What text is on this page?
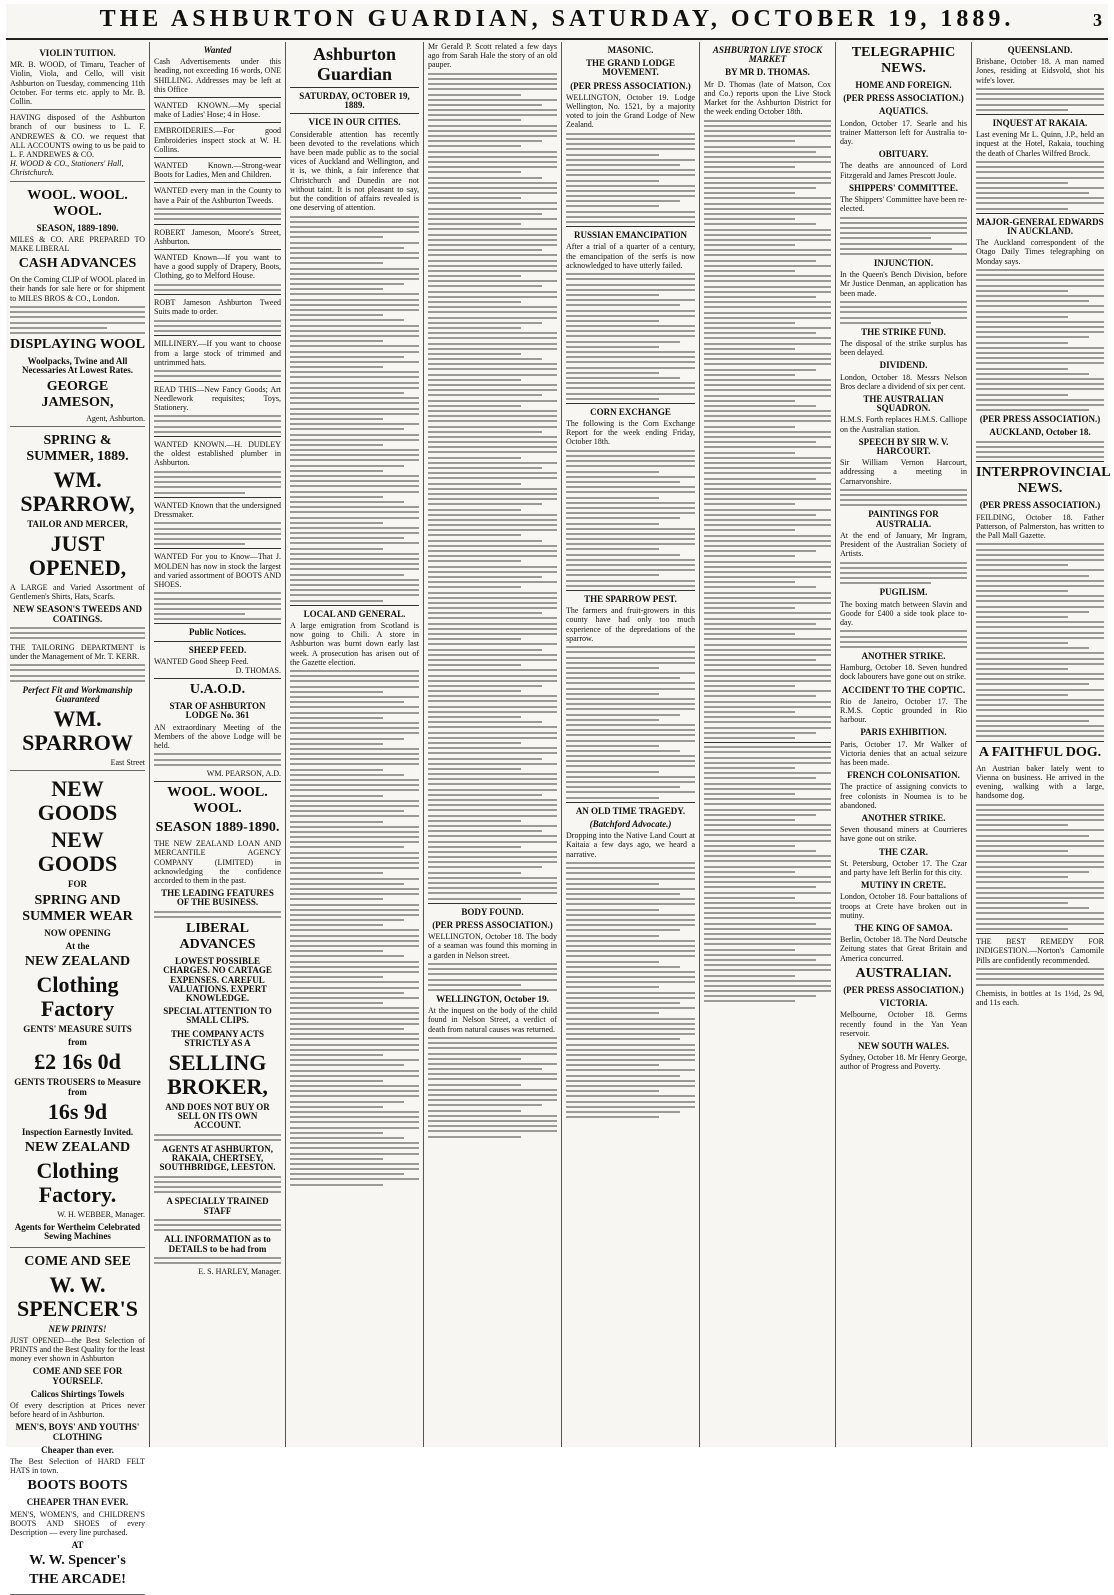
THE ASHBURTON GUARDIAN, SATURDAY, OCTOBER 19, 1889.	3
VIOLIN TUITION.
MR. B. WOOD, of Timaru, Teacher of Violin, Viola, and Cello, will visit Ashburton on Tuesday, commencing 11th October. For terms etc. apply to Mr. B. Collin.
HAVING disposed of the Ashburton branch of our business to L. F. ANDREWES & CO. we request that ALL ACCOUNTS owing to us be paid to L. F. ANDREWES & CO.
H. WOOD & CO., Stationers' Hall, Christchurch.
WOOL. WOOL. WOOL.
SEASON, 1889-1890.
MILES & CO. ARE PREPARED TO MAKE LIBERAL
CASH ADVANCES
On the Coming CLIP of WOOL placed in their hands for sale here or for shipment to MILES BROS & CO., London.
DISPLAYING WOOL
Woolpacks, Twine and All Necessaries At Lowest Rates.
GEORGE JAMESON,
Agent, Ashburton.
SPRING & SUMMER, 1889.
WM. SPARROW,
TAILOR AND MERCER,
JUST OPENED,
A LARGE and Varied Assortment of Gentlemen's Shirts, Hats, Scarfs.
NEW SEASON'S TWEEDS AND COATINGS.
THE TAILORING DEPARTMENT is under the Management of Mr. T. KERR.
Perfect Fit and Workmanship Guaranteed
WM. SPARROW
East Street
NEW GOODS
NEW GOODS
FOR
SPRING AND SUMMER WEAR
NOW OPENING
At the
NEW ZEALAND
Clothing Factory
GENTS' MEASURE SUITS
from
£2 16s 0d
GENTS TROUSERS to Measure from
16s 9d
Inspection Earnestly Invited.
NEW ZEALAND
Clothing Factory.
W. H. WEBBER, Manager.
Agents for Wertheim Celebrated Sewing Machines
COME AND SEE
W. W. SPENCER'S
NEW PRINTS!
JUST OPENED—the Best Selection of PRINTS and the Best Quality for the least money ever shown in Ashburton
COME AND SEE FOR YOURSELF.
Calicos Shirtings Towels
Of every description at Prices never before heard of in Ashburton.
MEN'S, BOYS' AND YOUTHS' CLOTHING
Cheaper than ever.
The Best Selection of HARD FELT HATS in town.
BOOTS BOOTS
CHEAPER THAN EVER.
MEN'S, WOMEN'S, and CHILDREN'S BOOTS AND SHOES of every Description — every line purchased.
AT
W. W. Spencer's
THE ARCADE!
Wanted
Cash Advertisements under this heading, not exceeding 16 words, ONE SHILLING. Addresses may be left at this Office
WANTED KNOWN.—My special make of Ladies' Hose; 4 in Hose.
EMBROIDERIES.—For good Embroideries inspect stock at W. H. Collins.
WANTED Known.—Strong-wear Boots for Ladies, Men and Children.
WANTED every man in the County to have a Pair of the Ashburton Tweeds.
ROBERT Jameson, Moore's Street, Ashburton.
WANTED Known—If you want to have a good supply of Drapery, Boots, Clothing, go to Melford House.
ROBT Jameson Ashburton Tweed Suits made to order.
MILLINERY.—If you want to choose from a large stock of trimmed and untrimmed hats.
READ THIS—New Fancy Goods; Art Needlework requisites; Toys, Stationery.
WANTED KNOWN.—H. DUDLEY the oldest established plumber in Ashburton.
WANTED Known that the undersigned Dressmaker.
WANTED For you to Know—That J. MOLDEN has now in stock the largest and varied assortment of BOOTS AND SHOES.
Public Notices.
SHEEP FEED.
WANTED Good Sheep Feed.
D. THOMAS.
U.A.O.D.
STAR OF ASHBURTON LODGE No. 361
AN extraordinary Meeting of the Members of the above Lodge will be held.
WM. PEARSON, A.D.
WOOL. WOOL. WOOL.
SEASON 1889-1890.
THE NEW ZEALAND LOAN AND MERCANTILE AGENCY COMPANY (LIMITED) in acknowledging the confidence accorded to them in the past.
THE LEADING FEATURES OF THE BUSINESS.
LIBERAL ADVANCES
LOWEST POSSIBLE CHARGES. NO CARTAGE EXPENSES. CAREFUL VALUATIONS. EXPERT KNOWLEDGE.
SPECIAL ATTENTION TO SMALL CLIPS.
THE COMPANY ACTS STRICTLY AS A
SELLING BROKER,
AND DOES NOT BUY OR SELL ON ITS OWN ACCOUNT.
AGENTS AT ASHBURTON, RAKAIA, CHERTSEY, SOUTHBRIDGE, LEESTON.
A SPECIALLY TRAINED STAFF
ALL INFORMATION as to DETAILS to be had from
E. S. HARLEY, Manager.
Ashburton Guardian
SATURDAY, OCTOBER 19, 1889.
VICE IN OUR CITIES.
Considerable attention has recently been devoted to the revelations which have been made public as to the social vices of Auckland and Wellington, and it is, we think, a fair inference that Christchurch and Dunedin are not without taint. It is not pleasant to say, but the condition of affairs revealed is one deserving of attention.
LOCAL AND GENERAL.
A large emigration from Scotland is now going to Chili. A store in Ashburton was burnt down early last week. A prosecution has arisen out of the Gazette election.
Mr Gerald P. Scott related a few days ago from Sarah Hale the story of an old pauper.
BODY FOUND.
(PER PRESS ASSOCIATION.)
WELLINGTON, October 18. The body of a seaman was found this morning in a garden in Nelson street.
WELLINGTON, October 19.
At the inquest on the body of the child found in Nelson Street, a verdict of death from natural causes was returned.
MASONIC.
THE GRAND LODGE MOVEMENT.
(PER PRESS ASSOCIATION.)
WELLINGTON, October 19. Lodge Wellington, No. 1521, by a majority voted to join the Grand Lodge of New Zealand.
RUSSIAN EMANCIPATION
After a trial of a quarter of a century, the emancipation of the serfs is now acknowledged to have utterly failed.
CORN EXCHANGE
The following is the Corn Exchange Report for the week ending Friday, October 18th.
THE SPARROW PEST.
The farmers and fruit-growers in this county have had only too much experience of the depredations of the sparrow.
AN OLD TIME TRAGEDY.
(Batchford Advocate.)
Dropping into the Native Land Court at Kaitaia a few days ago, we heard a narrative.
ASHBURTON LIVE STOCK MARKET
BY MR D. THOMAS.
Mr D. Thomas (late of Matson, Cox and Co.) reports upon the Live Stock Market for the Ashburton District for the week ending October 18th.
TELEGRAPHIC NEWS.
HOME AND FOREIGN.
(PER PRESS ASSOCIATION.)
AQUATICS.
London, October 17. Searle and his trainer Matterson left for Australia to-day.
OBITUARY.
The deaths are announced of Lord Fitzgerald and James Prescott Joule.
SHIPPERS' COMMITTEE.
The Shippers' Committee have been re-elected.
INJUNCTION.
In the Queen's Bench Division, before Mr Justice Denman, an application has been made.
THE STRIKE FUND.
The disposal of the strike surplus has been delayed.
DIVIDEND.
London, October 18. Messrs Nelson Bros declare a dividend of six per cent.
THE AUSTRALIAN SQUADRON.
H.M.S. Forth replaces H.M.S. Calliope on the Australian station.
SPEECH BY SIR W. V. HARCOURT.
Sir William Vernon Harcourt, addressing a meeting in Carnarvonshire.
PAINTINGS FOR AUSTRALIA.
At the end of January, Mr Ingram, President of the Australian Society of Artists.
PUGILISM.
The boxing match between Slavin and Goode for £400 a side took place to-day.
ANOTHER STRIKE.
Hamburg, October 18. Seven hundred dock labourers have gone out on strike.
ACCIDENT TO THE COPTIC.
Rio de Janeiro, October 17. The R.M.S. Coptic grounded in Rio harbour.
PARIS EXHIBITION.
Paris, October 17. Mr Walker of Victoria denies that an actual seizure has been made.
FRENCH COLONISATION.
The practice of assigning convicts to free colonists in Noumea is to be abandoned.
ANOTHER STRIKE.
Seven thousand miners at Courrieres have gone out on strike.
THE CZAR.
St. Petersburg, October 17. The Czar and party have left Berlin for this city.
MUTINY IN CRETE.
London, October 18. Four battalions of troops at Crete have broken out in mutiny.
THE KING OF SAMOA.
Berlin, October 18. The Nord Deutsche Zeitung states that Great Britain and America concurred.
AUSTRALIAN.
(PER PRESS ASSOCIATION.)
VICTORIA.
Melbourne, October 18. Germs recently found in the Yan Yean reservoir.
NEW SOUTH WALES.
Sydney, October 18. Mr Henry George, author of Progress and Poverty.
QUEENSLAND.
Brisbane, October 18. A man named Jones, residing at Eidsvold, shot his wife's lover.
INQUEST AT RAKAIA.
Last evening Mr L. Quinn, J.P., held an inquest at the Hotel, Rakaia, touching the death of Charles Wilfred Brock.
MAJOR-GENERAL EDWARDS IN AUCKLAND.
The Auckland correspondent of the Otago Daily Times telegraphing on Monday says.
(PER PRESS ASSOCIATION.)
AUCKLAND, October 18.
INTERPROVINCIAL NEWS.
(PER PRESS ASSOCIATION.)
FEILDING, October 18. Father Patterson, of Palmerston, has written to the Pall Mall Gazette.
A FAITHFUL DOG.
An Austrian baker lately went to Vienna on business. He arrived in the evening, walking with a large, handsome dog.
THE BEST REMEDY FOR INDIGESTION.—Norton's Camomile Pills are confidently recommended.
Chemists, in bottles at 1s 1½d, 2s 9d, and 11s each.
